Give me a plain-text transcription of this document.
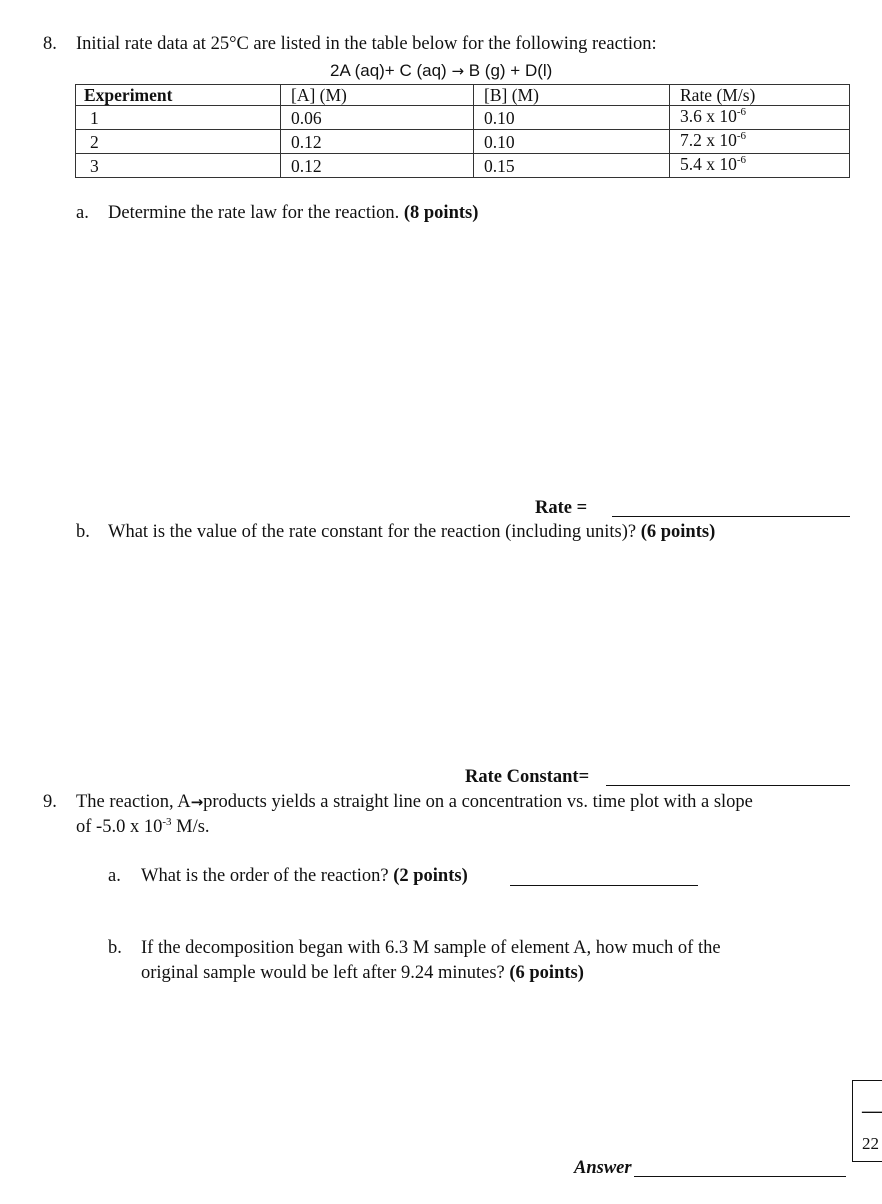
8. Initial rate data at 25°C are listed in the table below for the following reaction:
2A (aq)+ C (aq) → B (g) + D(l)
Experiment	[A] (M)	[B] (M)	Rate (M/s)
1	0.06	0.10	3.6 x $10^{-6}$
2	0.12	0.10	7.2 x $10^{-6}$
3	0.12	0.15	5.4 x $10^{-6}$
a. Determine the rate law for the reaction. (8 points)
Rate =
b. What is the value of the rate constant for the reaction (including units)? (6 points)
Rate Constant=
9. The reaction, A→products yields a straight line on a concentration vs. time plot with a slope
of -5.0 x $10^{-3}$ M/s.
a. What is the order of the reaction? (2 points)
b. If the decomposition began with 6.3 M sample of element A, how much of the
original sample would be left after 9.24 minutes? (6 points)
Answer
—
22
